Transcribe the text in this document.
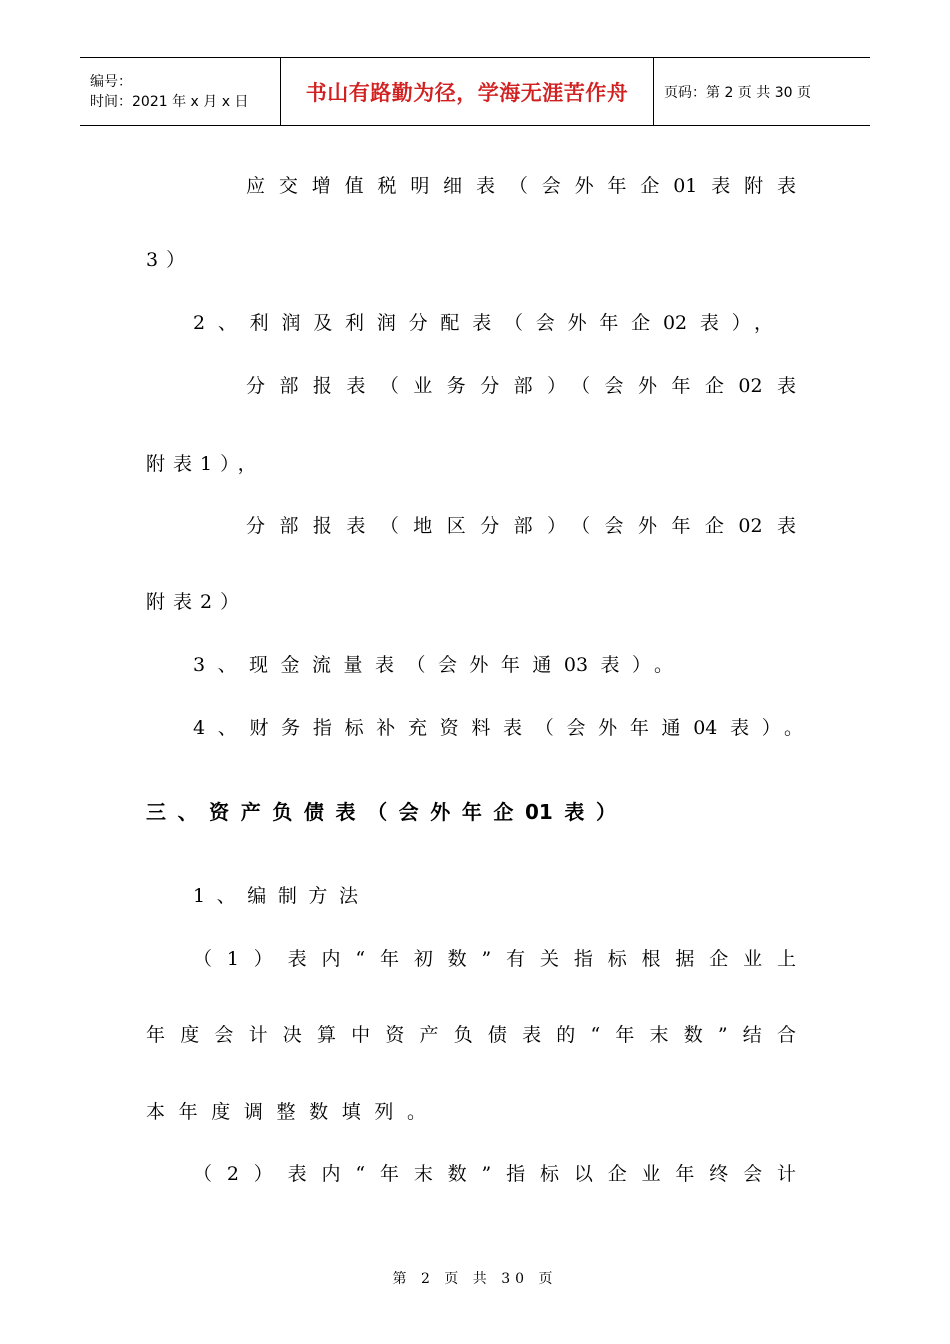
编号：
时间：2021 年 x 月 x 日	书山有路勤为径，学海无涯苦作舟	页码：第 2 页 共 30 页
应交增值税明细表（会外年企01表附表
3）
2、利润及利润分配表（会外年企02表），
分部报表（业务分部）（会外年企02表
附表1），
分部报表（地区分部）（会外年企02表
附表2）
3、现金流量表（会外年通03表）。
4、财务指标补充资料表（会外年通04表）。
三、资产负债表（会外年企01表）
1、编制方法
（1）表内“年初数”有关指标根据企业上
年度会计决算中资产负债表的“年末数”结合
本年度调整数填列。
（2）表内“年末数”指标以企业年终会计
第 2 页 共 30 页
